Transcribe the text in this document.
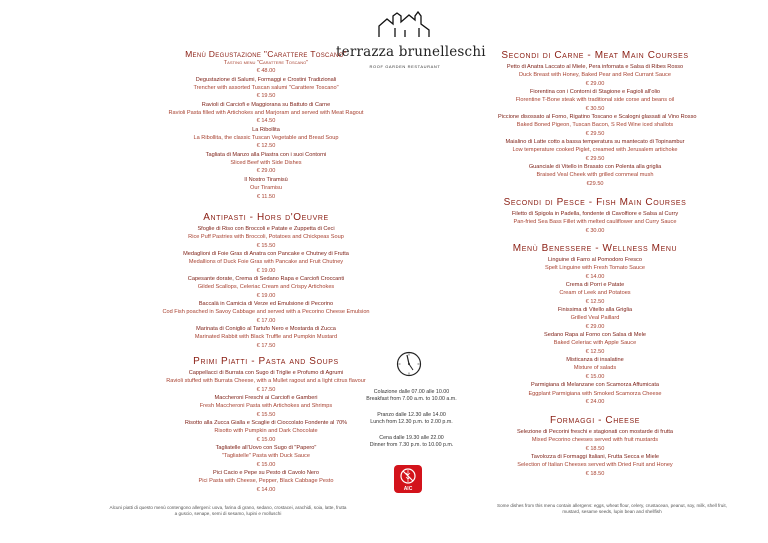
terrazza brunelleschi
ROOF GARDEN RESTAURANT
Menù Degustazione "Carattere Toscano"
Tasting menu "Carattere Toscano"
€ 48.00
Degustazione di Salumi, Formaggi e Crostini Tradizionali
Trencher with assorted Tuscan salumi "Carattere Toscano"
€ 19.50
Ravioli di Carciofi e Maggiorana su Battuto di Carne
Ravioli Pasta filled with Artichokes and Marjoram and served with Meat Ragout
€ 14.50
La Ribollita
La Ribollita, the classic Tuscan Vegetable and Bread Soup
€ 12.50
Tagliata di Manzo alla Piastra con i suoi Contorni
Sliced Beef with Side Dishes
€ 29.00
Il Nostro Tiramisù
Our Tiramisu
€ 11.50
Antipasti - Hors d'Oeuvre
Sfoglie di Riso con Broccoli e Patate e Zuppetta di Ceci
Rice Puff Pastries with Broccoli, Potatoes and Chickpeas Soup
€ 15.50
Medaglioni di Foie Gras di Anatra con Pancake e Chutney di Frutta
Medallions of Duck Foie Gras with Pancake and Fruit Chutney
€ 19.00
Capesante dorate, Crema di Sedano Rapa e Carciofi Croccanti
Gilded Scallops, Celeriac Cream and Crispy Artichokes
€ 19.00
Baccalà in Camicia di Verze ed Emulsione di Pecorino
Cod Fish poached in Savoy Cabbage and served with a Pecorino Cheese Emulsion
€ 17.00
Marinata di Coniglio al Tartufo Nero e Mostarda di Zucca
Marinated Rabbit with Black Truffle and Pumpkin Mustard
€ 17.50
Primi Piatti - Pasta and Soups
Cappellacci di Burrata con Sugo di Triglie e Profumo di Agrumi
Ravioli stuffed with Burrata Cheese, with a Mullet ragout and a light citrus flavour
€ 17.50
Maccheroni Freschi ai Carciofi e Gamberi
Fresh Maccheroni Pasta with Artichokes and Shrimps
€ 15.50
Risotto alla Zucca Gialla e Scaglie di Cioccolato Fondente al 70%
Risotto with Pumpkin and Dark Chocolate
€ 15.00
Tagliatelle all'Uovo con Sugo di "Papero"
"Tagliatelle" Pasta with Duck Sauce
€ 15.00
Pici Cacio e Pepe su Pesto di Cavolo Nero
Pici Pasta with Cheese, Pepper, Black Cabbage Pesto
€ 14.00
Alcuni piatti di questo menù contengono allergeni: uova, farina di grano, sedano, crostacei, arachidi, soia, latte, frutta
a guscio, senape, semi di sesamo, lupini e molluschi
Colazione dalle 07.00 alle 10.00
Breakfast from 7.00 a.m. to 10.00 a.m.
Pranzo dalle 12.30 alle 14.00
Lunch from 12.30 p.m. to 2.00 p.m.
Cena dalle 19.30 alle 22.00
Dinner from 7.30 p.m. to 10.00 p.m.
AIC
Secondi di Carne - Meat Main Courses
Petto di Anatra Laccato al Miele, Pera infornata e Salsa di Ribes Rosso
Duck Breast with Honey, Baked Pear and Red Currant Sauce
€ 29.00
Fiorentina con i Contorni di Stagione e Fagioli all'olio
Florentine T-Bone steak with traditional side corse and beans oil
€ 30.50
Piccione disossato al Forno, Rigatino Toscano e Scalogni glassati al Vino Rosso
Baked Boned Pigeon, Tuscan Bacon, S Red Wine iced shallots
€ 29.50
Maialino di Latte cotto a bassa temperatura su mantecato di Topinambur
Low temperature cooked Piglet, creamed with Jerusalem artichoke
€ 29.50
Guanciale di Vitello in Brasato con Polenta alla griglia
Braised Veal Cheek with grilled cornmeal mush
€29.50
Secondi di Pesce - Fish Main Courses
Filetto di Spigola in Padella, fondente di Cavolfiore e Salsa al Curry
Pan-fried Sea Bass Fillet with melted cauliflower and Curry Sauce
€ 30.00
Menù Benessere - Wellness Menu
Linguine di Farro al Pomodoro Fresco
Spelt Linguine with Fresh Tomato Sauce
€ 14.00
Crema di Porri e Patate
Cream of Leek and Potatoes
€ 12.50
Finissima di Vitello alla Griglia
Grilled Veal Paillard
€ 29.00
Sedano Rapa al Forno con Salsa di Mele
Baked Celeriac with Apple Sauce
€ 12.50
Misticanza di insalatine
Mixture of salads
€ 15.00
Parmigiana di Melanzane con Scamorza Affumicata
Eggplant Parmigiana with Smoked Scamorza Cheese
€ 24.00
Formaggi - Cheese
Selezione di Pecorini freschi e stagionati con mostarde di frutta
Mixed Pecorino cheeses served with fruit mustards
€ 18.50
Tavolozza di Formaggi Italiani, Frutta Secca e Miele
Selection of Italian Cheeses served with Dried Fruit and Honey
€ 18.50
Some dishes from this menu contain allergens: eggs, wheat flour, celery, crustacean, peanut, soy, milk, shell fruit,
mustard, sesame seeds, lupin bean and shellfish
